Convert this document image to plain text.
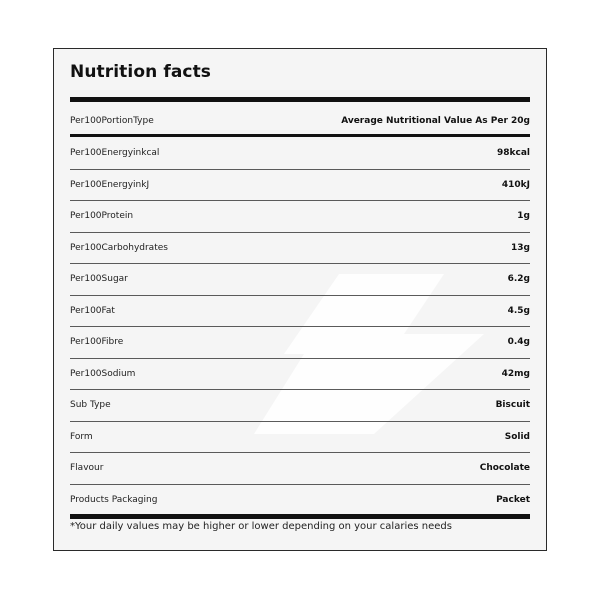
Nutrition facts
Per100PortionType	Average Nutritional Value As Per 20g
Per100Energyinkcal	98kcal
Per100EnergyinkJ	410kJ
Per100Protein	1g
Per100Carbohydrates	13g
Per100Sugar	6.2g
Per100Fat	4.5g
Per100Fibre	0.4g
Per100Sodium	42mg
Sub Type	Biscuit
Form	Solid
Flavour	Chocolate
Products Packaging	Packet
*Your daily values may be higher or lower depending on your calaries needs
